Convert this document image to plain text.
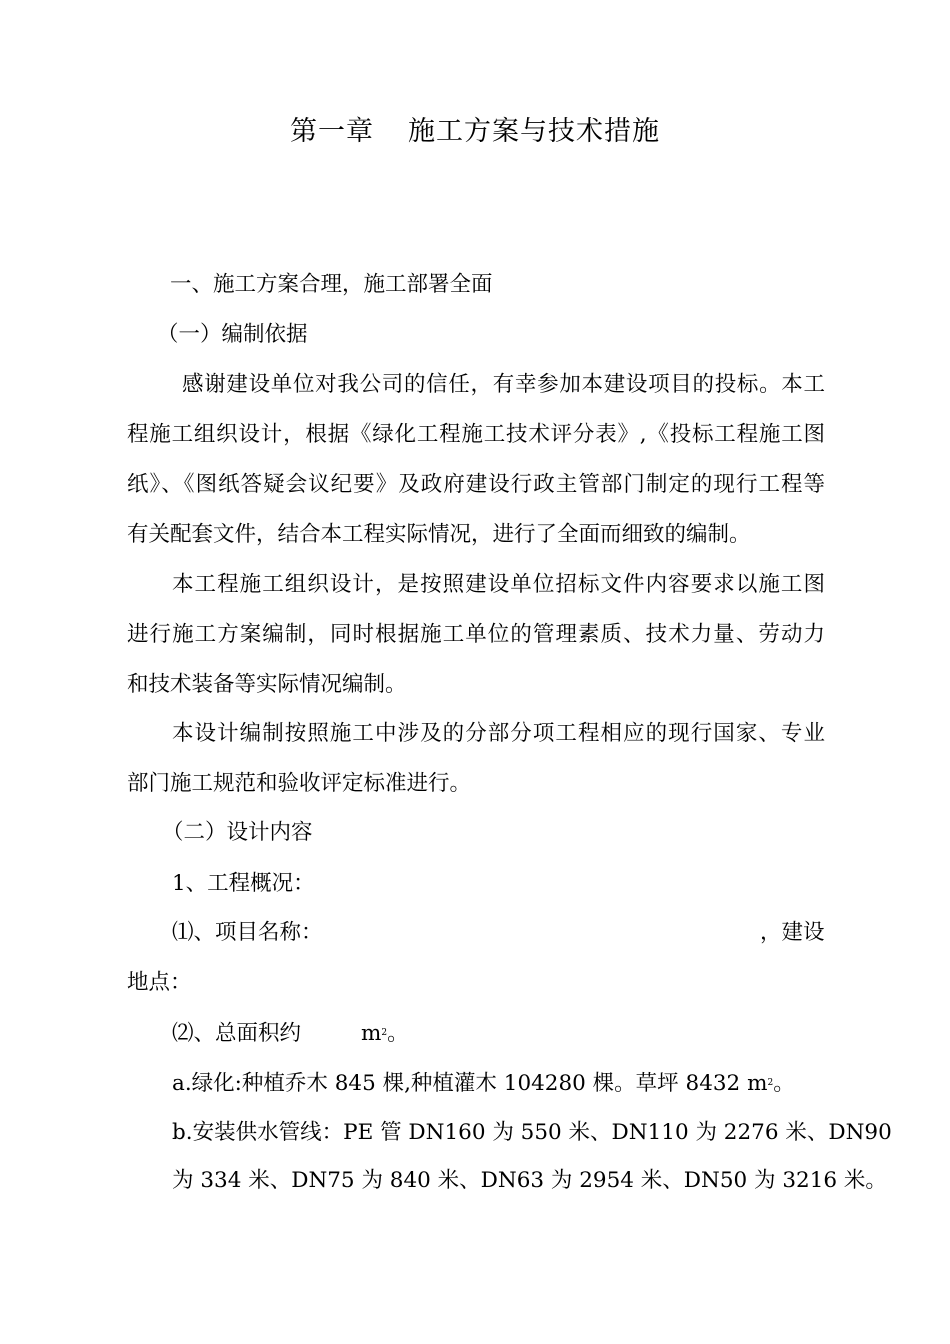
第一章 施工方案与技术措施
一、施工方案合理，施工部署全面
（一）编制依据
感谢建设单位对我公司的信任，有幸参加本建设项目的投标。本工
程施工组织设计，根据《绿化工程施工技术评分表》,《投标工程施工图
纸》、《图纸答疑会议纪要》及政府建设行政主管部门制定的现行工程等
有关配套文件，结合本工程实际情况，进行了全面而细致的编制。
本工程施工组织设计，是按照建设单位招标文件内容要求以施工图
进行施工方案编制，同时根据施工单位的管理素质、技术力量、劳动力
和技术装备等实际情况编制。
本设计编制按照施工中涉及的分部分项工程相应的现行国家、专业
部门施工规范和验收评定标准进行。
（二）设计内容
1、工程概况：
⑴、项目名称：	，建设
地点：
⑵、总面积约	$m^2$。
a.绿化:种植乔木 845 棵,种植灌木 104280 棵。草坪 8432 $m^2$。
b.安装供水管线：PE 管 DN160 为 550 米、DN110 为 2276 米、DN90
为 334 米、DN75 为 840 米、DN63 为 2954 米、DN50 为 3216 米。
